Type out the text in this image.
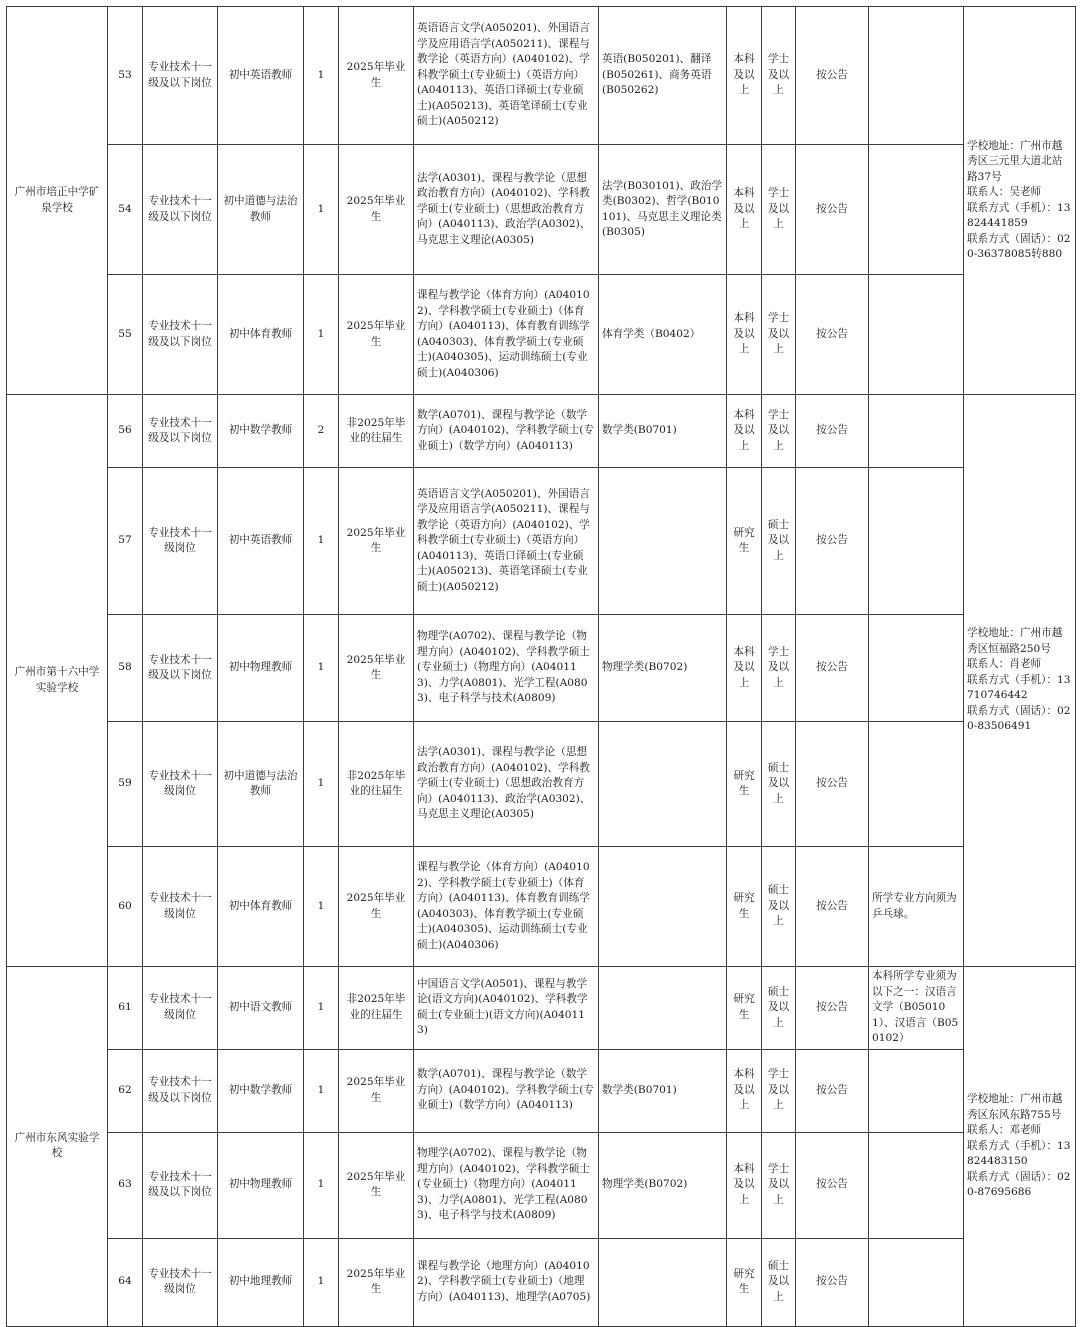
广州市培正中学矿泉学校	53	专业技术十一级及以下岗位	初中英语教师	1	2025年毕业生	英语语言文学(A050201)、外国语言学及应用语言学(A050211)、课程与教学论（英语方向）(A040102)、学科教学硕士(专业硕士)（英语方向）(A040113)、英语口译硕士(专业硕士)(A050213)、英语笔译硕士(专业硕士)(A050212)	英语(B050201)、翻译(B050261)、商务英语(B050262)	本科及以上	学士及以上	按公告		学校地址：广州市越秀区三元里大道北站路37号
联系人：吴老师
联系方式（手机）：13824441859
联系方式（固话）：020-36378085转880

	54	专业技术十一级及以下岗位	初中道德与法治教师	1	2025年毕业生	法学(A0301)、课程与教学论（思想政治教育方向）(A040102)、学科教学硕士(专业硕士)（思想政治教育方向）(A040113)、政治学(A0302)、马克思主义理论(A0305)	法学(B030101)、政治学类(B0302)、哲学(B010101)、马克思主义理论类(B0305)	本科及以上	学士及以上	按公告		
	55	专业技术十一级及以下岗位	初中体育教师	1	2025年毕业生	课程与教学论（体育方向）(A040102)、学科教学硕士(专业硕士)（体育方向）(A040113)、体育教育训练学(A040303)、体育教学硕士(专业硕士)(A040305)、运动训练硕士(专业硕士)(A040306)	体育学类（B0402）	本科及以上	学士及以上	按公告		
广州市第十六中学实验学校	56	专业技术十一级及以下岗位	初中数学教师	2	非2025年毕业的往届生	数学(A0701)、课程与教学论（数学方向）(A040102)、学科教学硕士(专业硕士)（数学方向）(A040113)	数学类(B0701)	本科及以上	学士及以上	按公告		学校地址：广州市越秀区恒福路250号
联系人：肖老师
联系方式（手机）：13710746442
联系方式（固话）：020-83506491

	57	专业技术十一级岗位	初中英语教师	1	2025年毕业生	英语语言文学(A050201)、外国语言学及应用语言学(A050211)、课程与教学论（英语方向）(A040102)、学科教学硕士(专业硕士)（英语方向）(A040113)、英语口译硕士(专业硕士)(A050213)、英语笔译硕士(专业硕士)(A050212)		研究生	硕士及以上	按公告		
	58	专业技术十一级及以下岗位	初中物理教师	1	2025年毕业生	物理学(A0702)、课程与教学论（物理方向）(A040102)、学科教学硕士(专业硕士)（物理方向）(A040113)、力学(A0801)、光学工程(A0803)、电子科学与技术(A0809)	物理学类(B0702)	本科及以上	学士及以上	按公告		
	59	专业技术十一级岗位	初中道德与法治教师	1	非2025年毕业的往届生	法学(A0301)、课程与教学论（思想政治教育方向）(A040102)、学科教学硕士(专业硕士)（思想政治教育方向）(A040113)、政治学(A0302)、马克思主义理论(A0305)		研究生	硕士及以上	按公告		
	60	专业技术十一级岗位	初中体育教师	1	2025年毕业生	课程与教学论（体育方向）(A040102)、学科教学硕士(专业硕士)（体育方向）(A040113)、体育教育训练学(A040303)、体育教学硕士(专业硕士)(A040305)、运动训练硕士(专业硕士)(A040306)		研究生	硕士及以上	按公告	所学专业方向须为乒乓球。	
广州市东风实验学校	61	专业技术十一级岗位	初中语文教师	1	非2025年毕业的往届生	中国语言文学(A0501)、课程与教学论(语文方向)(A040102)、学科教学硕士(专业硕士)(语文方向)(A040113)		研究生	硕士及以上	按公告	本科所学专业须为以下之一：汉语言文学（B050101）、汉语言（B050102）	学校地址：广州市越秀区东风东路755号
联系人：邓老师
联系方式（手机）：13824483150
联系方式（固话）：020-87695686

	62	专业技术十一级及以下岗位	初中数学教师	1	2025年毕业生	数学(A0701)、课程与教学论（数学方向）(A040102)、学科教学硕士(专业硕士)（数学方向）(A040113)	数学类(B0701)	本科及以上	学士及以上	按公告		
	63	专业技术十一级及以下岗位	初中物理教师	1	2025年毕业生	物理学(A0702)、课程与教学论（物理方向）(A040102)、学科教学硕士(专业硕士)（物理方向）(A040113)、力学(A0801)、光学工程(A0803)、电子科学与技术(A0809)	物理学类(B0702)	本科及以上	学士及以上	按公告		
	64	专业技术十一级岗位	初中地理教师	1	2025年毕业生	课程与教学论（地理方向）(A040102)、学科教学硕士(专业硕士)（地理方向）(A040113)、地理学(A0705)		研究生	硕士及以上	按公告		
